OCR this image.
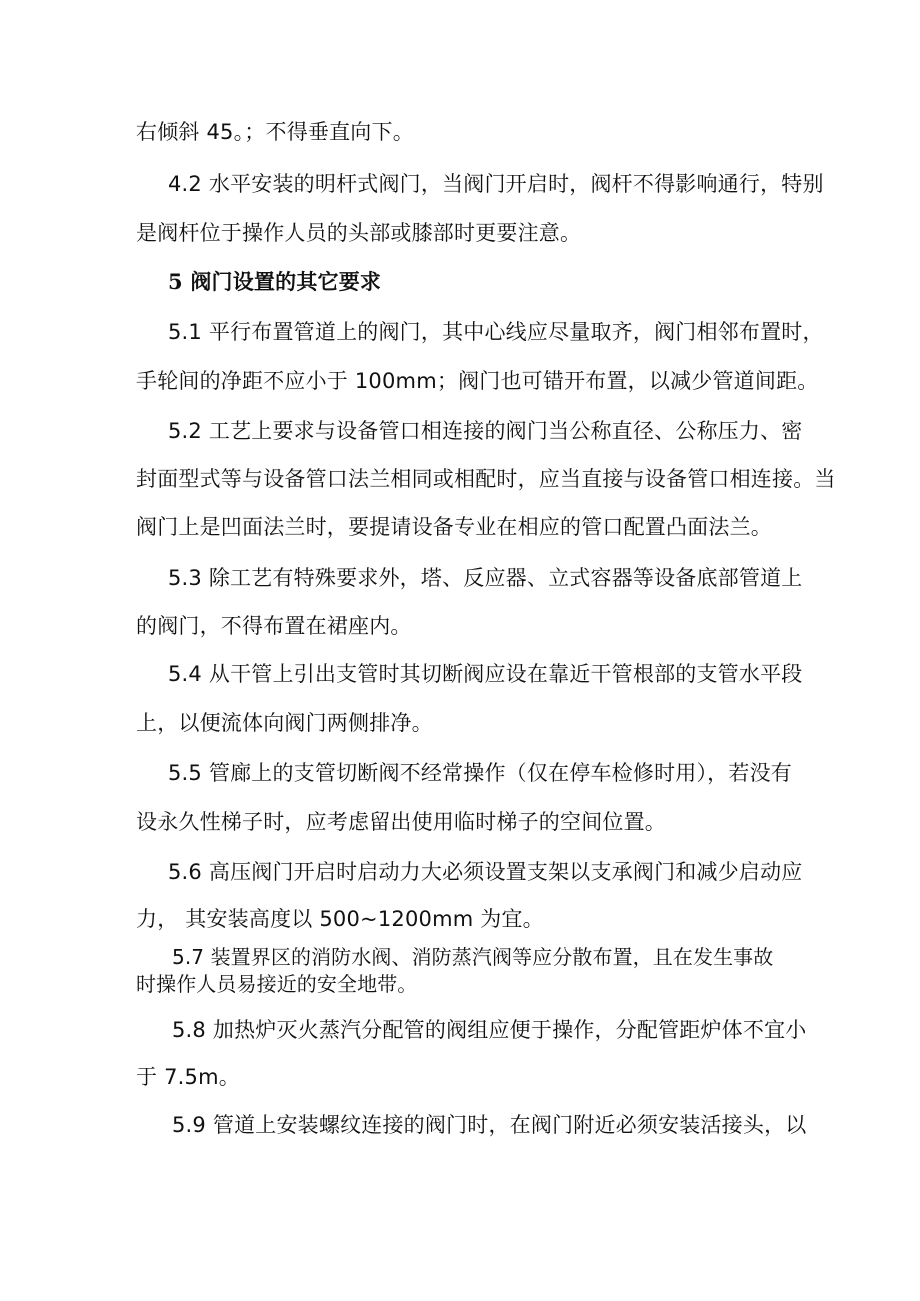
右倾斜 45。；不得垂直向下。
4.2 水平安装的明杆式阀门，当阀门开启时，阀杆不得影响通行，特别
是阀杆位于操作人员的头部或膝部时更要注意。
5 阀门设置的其它要求
5.1 平行布置管道上的阀门，其中心线应尽量取齐，阀门相邻布置时，
手轮间的净距不应小于 100mm；阀门也可错开布置，以减少管道间距。
5.2 工艺上要求与设备管口相连接的阀门当公称直径、公称压力、密
封面型式等与设备管口法兰相同或相配时，应当直接与设备管口相连接。当
阀门上是凹面法兰时，要提请设备专业在相应的管口配置凸面法兰。
5.3 除工艺有特殊要求外，塔、反应器、立式容器等设备底部管道上
的阀门，不得布置在裙座内。
5.4 从干管上引出支管时其切断阀应设在靠近干管根部的支管水平段
上，以便流体向阀门两侧排净。
5.5 管廊上的支管切断阀不经常操作（仅在停车检修时用），若没有
设永久性梯子时，应考虑留出使用临时梯子的空间位置。
5.6 高压阀门开启时启动力大必须设置支架以支承阀门和减少启动应
力， 其安装高度以 500~1200mm 为宜。
5.7 装置界区的消防水阀、消防蒸汽阀等应分散布置，且在发生事故
时操作人员易接近的安全地带。
5.8 加热炉灭火蒸汽分配管的阀组应便于操作，分配管距炉体不宜小
于 7.5m。
5.9 管道上安装螺纹连接的阀门时，在阀门附近必须安装活接头，以
